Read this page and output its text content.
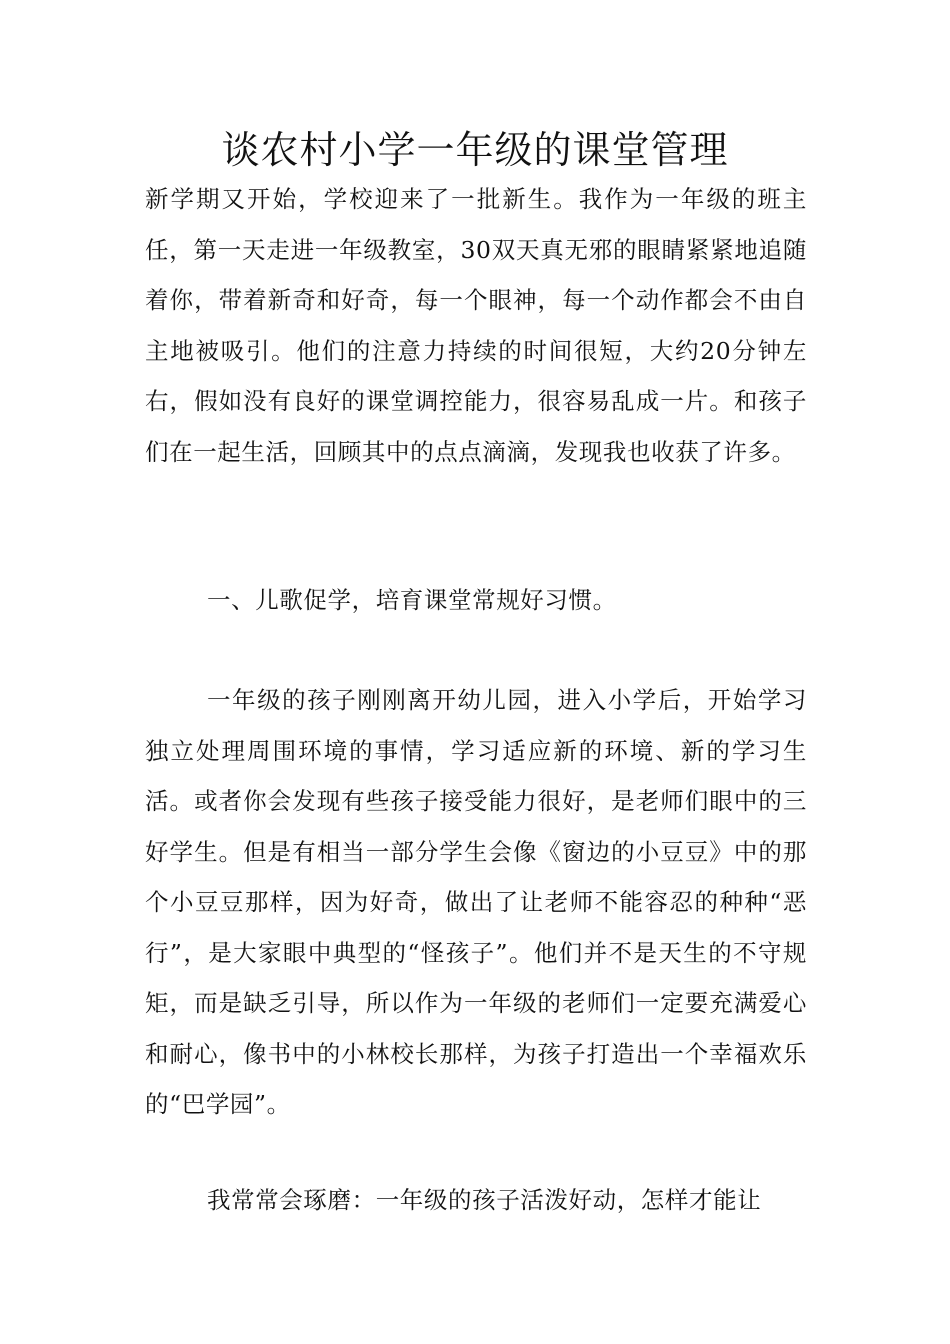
谈农村小学一年级的课堂管理

新学期又开始，学校迎来了一批新生。我作为一年级的班主任，第一天走进一年级教室，30双天真无邪的眼睛紧紧地追随着你，带着新奇和好奇，每一个眼神，每一个动作都会不由自主地被吸引。他们的注意力持续的时间很短，大约20分钟左右，假如没有良好的课堂调控能力，很容易乱成一片。和孩子们在一起生活，回顾其中的点点滴滴，发现我也收获了许多。

一、儿歌促学，培育课堂常规好习惯。

一年级的孩子刚刚离开幼儿园，进入小学后，开始学习独立处理周围环境的事情，学习适应新的环境、新的学习生活。或者你会发现有些孩子接受能力很好，是老师们眼中的三好学生。但是有相当一部分学生会像《窗边的小豆豆》中的那个小豆豆那样，因为好奇，做出了让老师不能容忍的种种“恶行”，是大家眼中典型的“怪孩子”。他们并不是天生的不守规矩，而是缺乏引导，所以作为一年级的老师们一定要充满爱心和耐心，像书中的小林校长那样，为孩子打造出一个幸福欢乐的“巴学园”。

我常常会琢磨：一年级的孩子活泼好动，怎样才能让
